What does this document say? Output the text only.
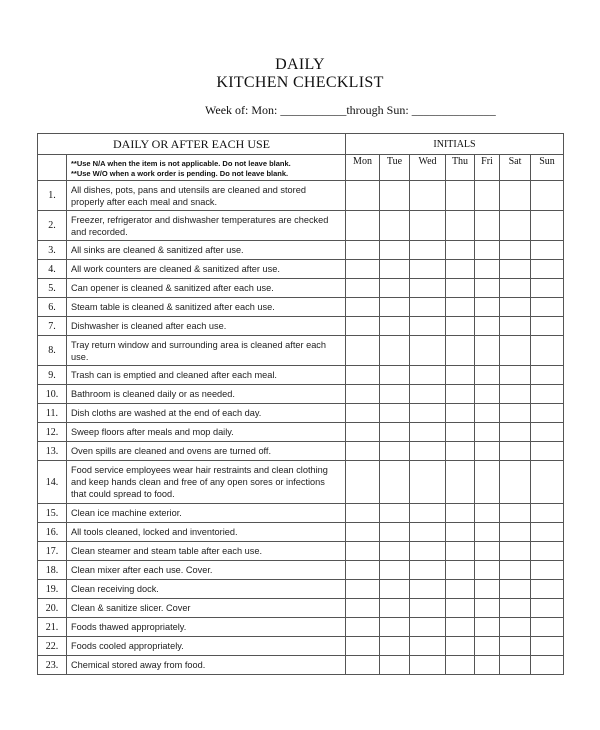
DAILY
KITCHEN CHECKLIST
Week of: Mon: ___________through Sun: ______________
DAILY OR AFTER EACH USE		INITIALS						

	**Use N/A when the item is not applicable. Do not leave blank.
**Use W/O when a work order is pending. Do not leave blank.	Mon	Tue	Wed	Thu	Fri	Sat	Sun
1.	All dishes, pots, pans and utensils are cleaned and stored properly after each meal and snack.							
2.	Freezer, refrigerator and dishwasher temperatures are checked and recorded.							
3.	All sinks are cleaned & sanitized after use.							
4.	All work counters are cleaned & sanitized after use.							
5.	Can opener is cleaned & sanitized after each use.							
6.	Steam table is cleaned & sanitized after each use.							
7.	Dishwasher is cleaned after each use.							
8.	Tray return window and surrounding area is cleaned after each use.							
9.	Trash can is emptied and cleaned after each meal.							
10.	Bathroom is cleaned daily or as needed.							
11.	Dish cloths are washed at the end of each day.							
12.	Sweep floors after meals and mop daily.							
13.	Oven spills are cleaned and ovens are turned off.							
14.	Food service employees wear hair restraints and clean clothing and keep hands clean and free of any open sores or infections that could spread to food.							
15.	Clean ice machine exterior.							
16.	All tools cleaned, locked and inventoried.							
17.	Clean steamer and steam table after each use.							
18.	Clean mixer after each use. Cover.							
19.	Clean receiving dock.							
20.	Clean & sanitize slicer. Cover							
21.	Foods thawed appropriately.							
22.	Foods cooled appropriately.							
23.	Chemical stored away from food.							
